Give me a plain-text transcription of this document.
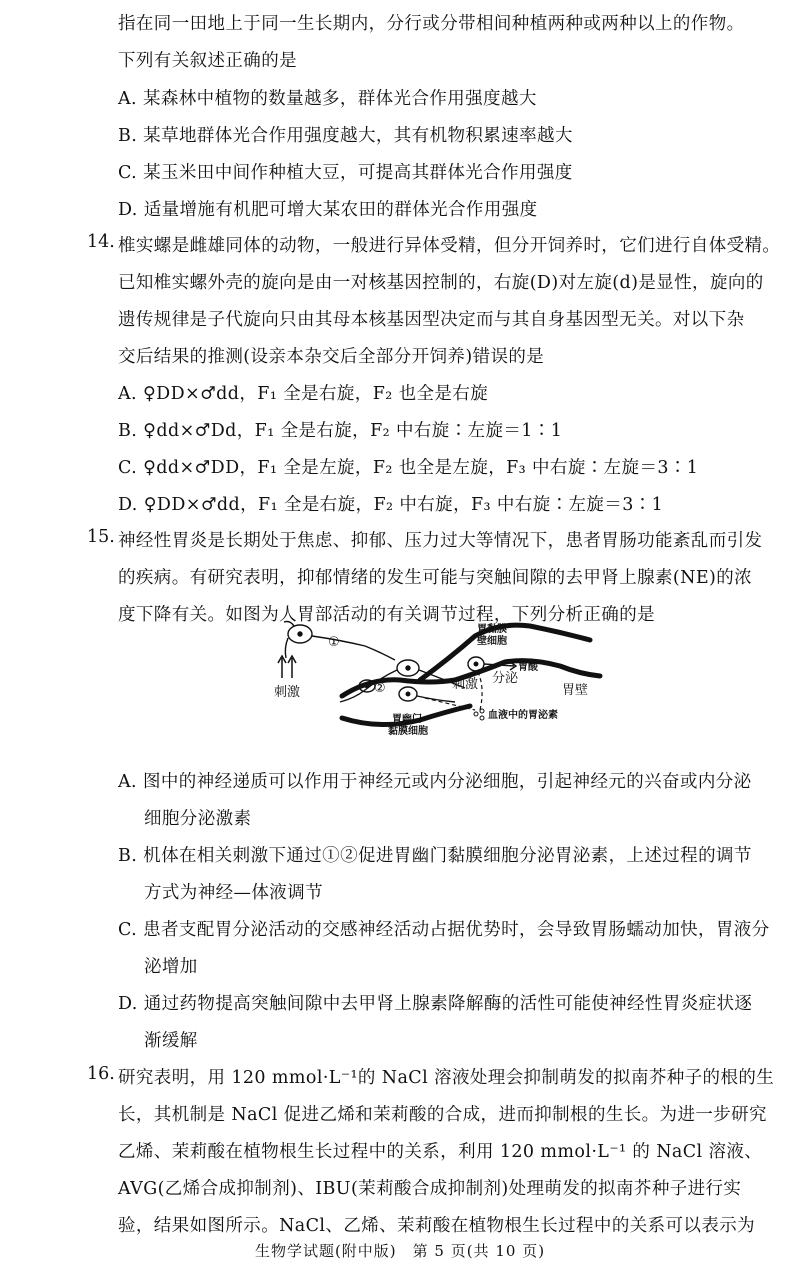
指在同一田地上于同一生长期内，分行或分带相间种植两种或两种以上的作物。
下列有关叙述正确的是
A. 某森林中植物的数量越多，群体光合作用强度越大
B. 某草地群体光合作用强度越大，其有机物积累速率越大
C. 某玉米田中间作种植大豆，可提高其群体光合作用强度
D. 适量增施有机肥可增大某农田的群体光合作用强度
14. 椎实螺是雌雄同体的动物，一般进行异体受精，但分开饲养时，它们进行自体受精。
已知椎实螺外壳的旋向是由一对核基因控制的，右旋(D)对左旋(d)是显性，旋向的
遗传规律是子代旋向只由其母本核基因型决定而与其自身基因型无关。对以下杂
交后结果的推测(设亲本杂交后全部分开饲养)错误的是
A. ♀DD×♂dd，F₁ 全是右旋，F₂ 也全是右旋
B. ♀dd×♂Dd，F₁ 全是右旋，F₂ 中右旋∶左旋＝1∶1
C. ♀dd×♂DD，F₁ 全是左旋，F₂ 也全是左旋，F₃ 中右旋∶左旋＝3∶1
D. ♀DD×♂dd，F₁ 全是右旋，F₂ 中右旋，F₃ 中右旋∶左旋＝3∶1
15. 神经性胃炎是长期处于焦虑、抑郁、压力过大等情况下，患者胃肠功能紊乱而引发
的疾病。有研究表明，抑郁情绪的发生可能与突触间隙的去甲肾上腺素(NE)的浓
度下降有关。如图为人胃部活动的有关调节过程，下列分析正确的是
刺激
①
②
胃黏膜
壁细胞
胃酸
刺激 分泌
胃壁
血液中的胃泌素
胃幽门
黏膜细胞
A. 图中的神经递质可以作用于神经元或内分泌细胞，引起神经元的兴奋或内分泌
细胞分泌激素
B. 机体在相关刺激下通过①②促进胃幽门黏膜细胞分泌胃泌素，上述过程的调节
方式为神经—体液调节
C. 患者支配胃分泌活动的交感神经活动占据优势时，会导致胃肠蠕动加快，胃液分
泌增加
D. 通过药物提高突触间隙中去甲肾上腺素降解酶的活性可能使神经性胃炎症状逐
渐缓解
16. 研究表明，用 120 mmol·L⁻¹的 NaCl 溶液处理会抑制萌发的拟南芥种子的根的生
长，其机制是 NaCl 促进乙烯和茉莉酸的合成，进而抑制根的生长。为进一步研究
乙烯、茉莉酸在植物根生长过程中的关系，利用 120 mmol·L⁻¹ 的 NaCl 溶液、
AVG(乙烯合成抑制剂)、IBU(茉莉酸合成抑制剂)处理萌发的拟南芥种子进行实
验，结果如图所示。NaCl、乙烯、茉莉酸在植物根生长过程中的关系可以表示为
生物学试题(附中版)　第 5 页(共 10 页)
